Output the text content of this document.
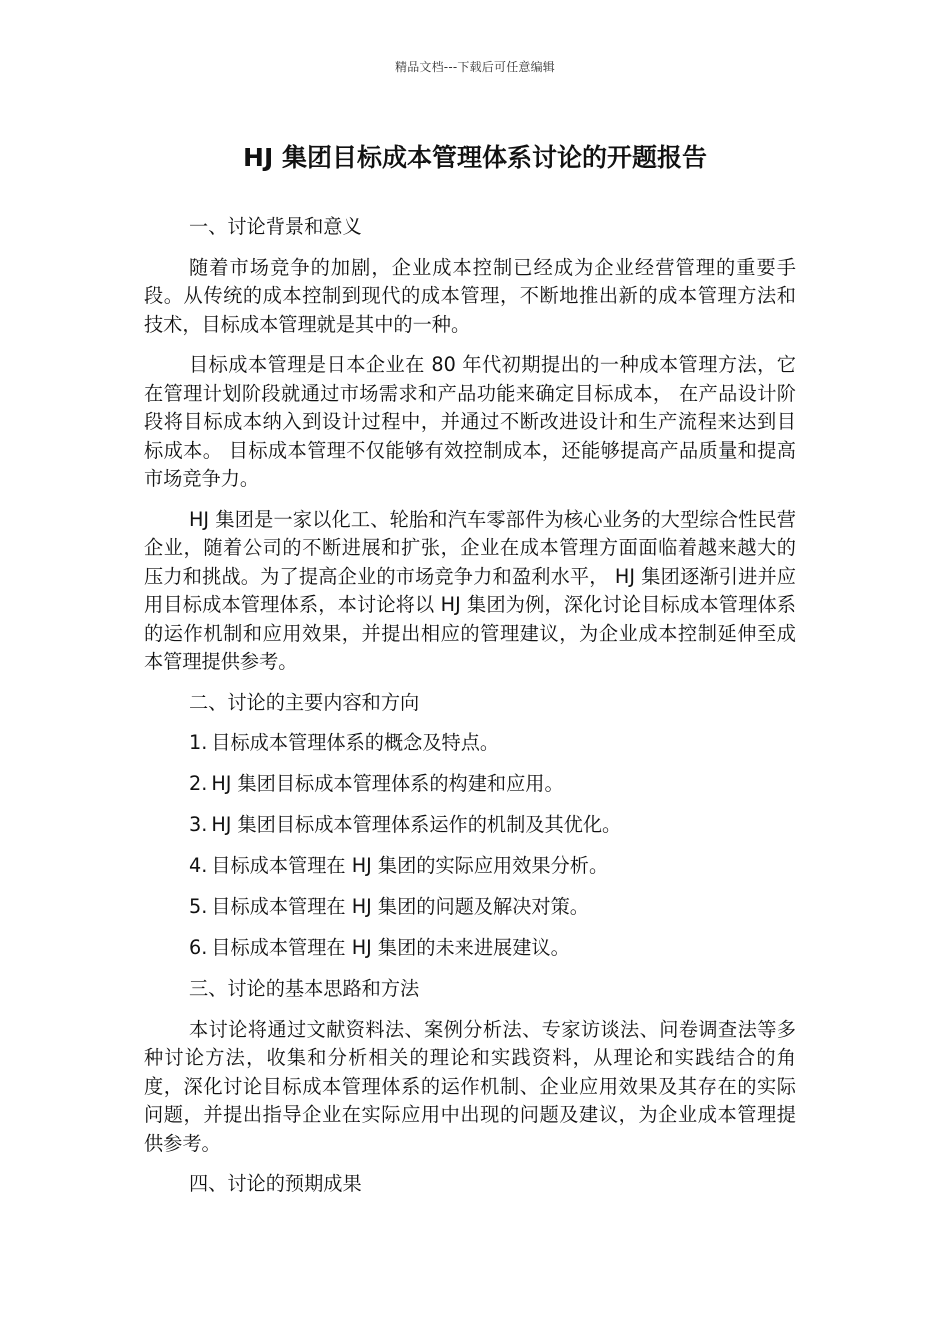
精品文档---下载后可任意编辑
HJ 集团目标成本管理体系讨论的开题报告

一、讨论背景和意义

随着市场竞争的加剧，企业成本控制已经成为企业经营管理的重要手段。从传统的成本控制到现代的成本管理，不断地推出新的成本管理方法和技术，目标成本管理就是其中的一种。

目标成本管理是日本企业在 80 年代初期提出的一种成本管理方法，它在管理计划阶段就通过市场需求和产品功能来确定目标成本， 在产品设计阶段将目标成本纳入到设计过程中，并通过不断改进设计和生产流程来达到目标成本。 目标成本管理不仅能够有效控制成本，还能够提高产品质量和提高市场竞争力。

HJ 集团是一家以化工、轮胎和汽车零部件为核心业务的大型综合性民营企业，随着公司的不断进展和扩张，企业在成本管理方面面临着越来越大的压力和挑战。为了提高企业的市场竞争力和盈利水平， HJ 集团逐渐引进并应用目标成本管理体系，本讨论将以 HJ 集团为例，深化讨论目标成本管理体系的运作机制和应用效果，并提出相应的管理建议，为企业成本控制延伸至成本管理提供参考。

二、讨论的主要内容和方向

1. 目标成本管理体系的概念及特点。

2. HJ 集团目标成本管理体系的构建和应用。

3. HJ 集团目标成本管理体系运作的机制及其优化。

4. 目标成本管理在 HJ 集团的实际应用效果分析。

5. 目标成本管理在 HJ 集团的问题及解决对策。

6. 目标成本管理在 HJ 集团的未来进展建议。

三、讨论的基本思路和方法

本讨论将通过文献资料法、案例分析法、专家访谈法、问卷调查法等多种讨论方法，收集和分析相关的理论和实践资料，从理论和实践结合的角度，深化讨论目标成本管理体系的运作机制、企业应用效果及其存在的实际问题，并提出指导企业在实际应用中出现的问题及建议，为企业成本管理提供参考。

四、讨论的预期成果
